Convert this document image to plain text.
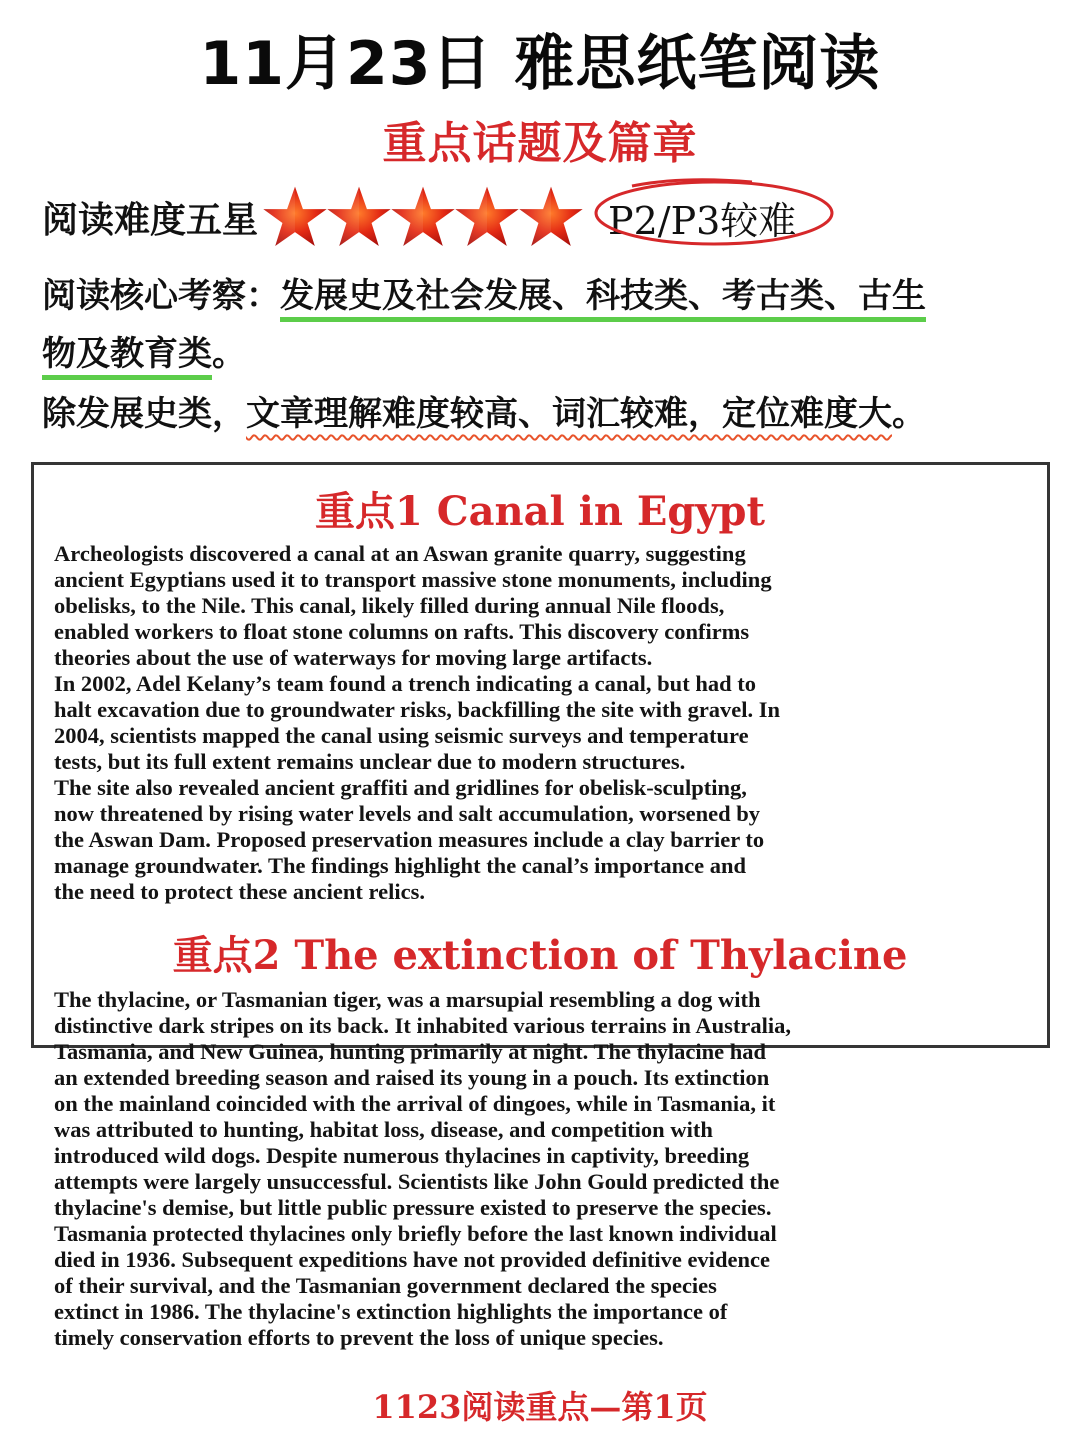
11月23日 雅思纸笔阅读
重点话题及篇章
阅读难度五星	P2/P3较难
阅读核心考察：发展史及社会发展、科技类、考古类、古生
物及教育类。
除发展史类，文章理解难度较高、词汇较难，定位难度大。
重点1 Canal in Egypt
Archeologists discovered a canal at an Aswan granite quarry, suggesting
ancient Egyptians used it to transport massive stone monuments, including
obelisks, to the Nile. This canal, likely filled during annual Nile floods,
enabled workers to float stone columns on rafts. This discovery confirms
theories about the use of waterways for moving large artifacts.
In 2002, Adel Kelany’s team found a trench indicating a canal, but had to
halt excavation due to groundwater risks, backfilling the site with gravel. In
2004, scientists mapped the canal using seismic surveys and temperature
tests, but its full extent remains unclear due to modern structures.
The site also revealed ancient graffiti and gridlines for obelisk-sculpting,
now threatened by rising water levels and salt accumulation, worsened by
the Aswan Dam. Proposed preservation measures include a clay barrier to
manage groundwater. The findings highlight the canal’s importance and
the need to protect these ancient relics.
重点2 The extinction of Thylacine
The thylacine, or Tasmanian tiger, was a marsupial resembling a dog with
distinctive dark stripes on its back. It inhabited various terrains in Australia,
Tasmania, and New Guinea, hunting primarily at night. The thylacine had
an extended breeding season and raised its young in a pouch. Its extinction
on the mainland coincided with the arrival of dingoes, while in Tasmania, it
was attributed to hunting, habitat loss, disease, and competition with
introduced wild dogs. Despite numerous thylacines in captivity, breeding
attempts were largely unsuccessful. Scientists like John Gould predicted the
thylacine's demise, but little public pressure existed to preserve the species.
Tasmania protected thylacines only briefly before the last known individual
died in 1936. Subsequent expeditions have not provided definitive evidence
of their survival, and the Tasmanian government declared the species
extinct in 1986. The thylacine's extinction highlights the importance of
timely conservation efforts to prevent the loss of unique species.
1123阅读重点—第1页
